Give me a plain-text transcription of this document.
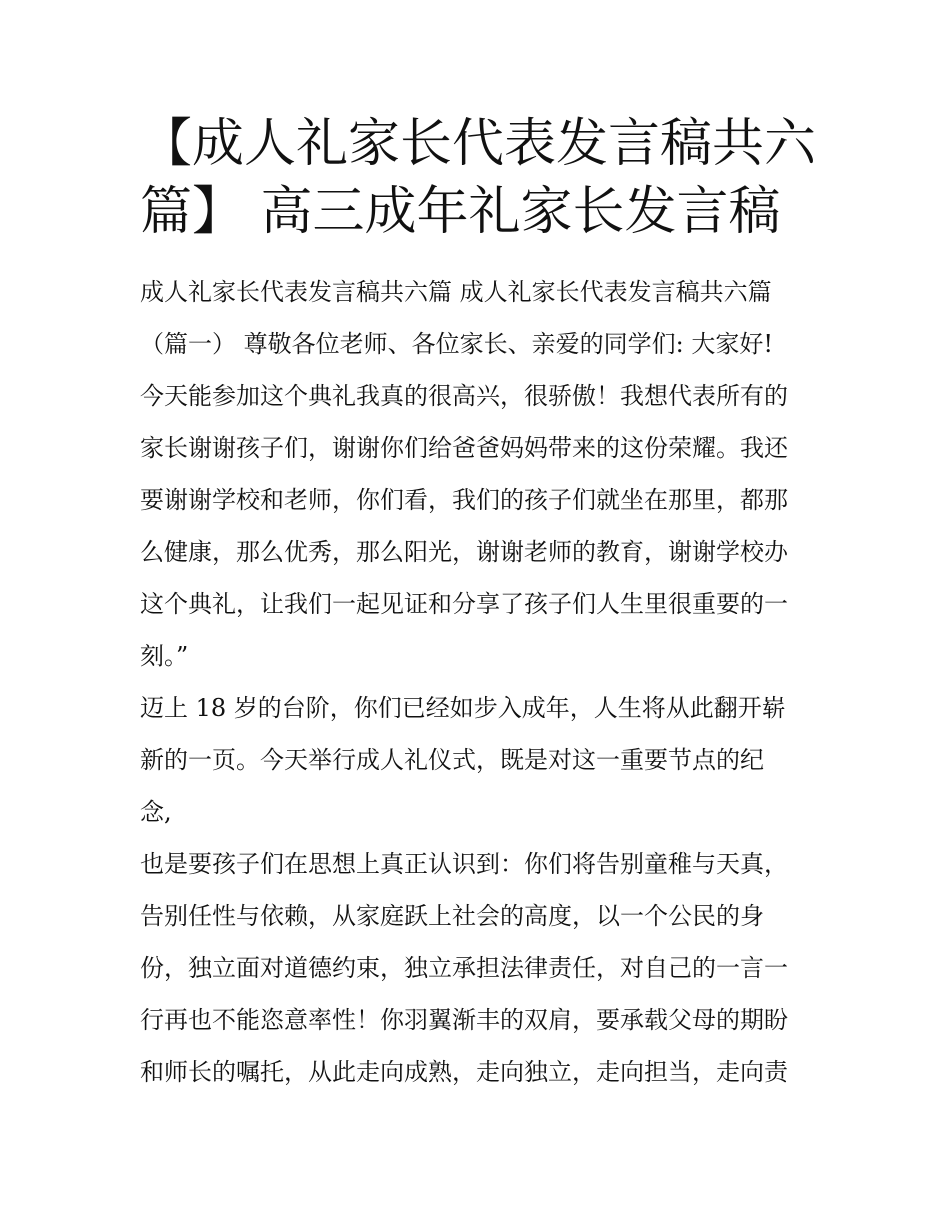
【成人礼家长代表发言稿共六
篇】 高三成年礼家长发言稿
成人礼家长代表发言稿共六篇 成人礼家长代表发言稿共六篇
（篇一） 尊敬各位老师、各位家长、亲爱的同学们: 大家好!
今天能参加这个典礼我真的很高兴，很骄傲！我想代表所有的
家长谢谢孩子们，谢谢你们给爸爸妈妈带来的这份荣耀。我还
要谢谢学校和老师，你们看，我们的孩子们就坐在那里，都那
么健康，那么优秀，那么阳光，谢谢老师的教育，谢谢学校办
这个典礼，让我们一起见证和分享了孩子们人生里很重要的一
刻。”
迈上 18 岁的台阶，你们已经如步入成年，人生将从此翻开崭
新的一页。今天举行成人礼仪式，既是对这一重要节点的纪
念,
也是要孩子们在思想上真正认识到：你们将告别童稚与天真，
告别任性与依赖，从家庭跃上社会的高度，以一个公民的身
份，独立面对道德约束，独立承担法律责任，对自己的一言一
行再也不能恣意率性！你羽翼渐丰的双肩，要承载父母的期盼
和师长的嘱托，从此走向成熟，走向独立，走向担当，走向责
